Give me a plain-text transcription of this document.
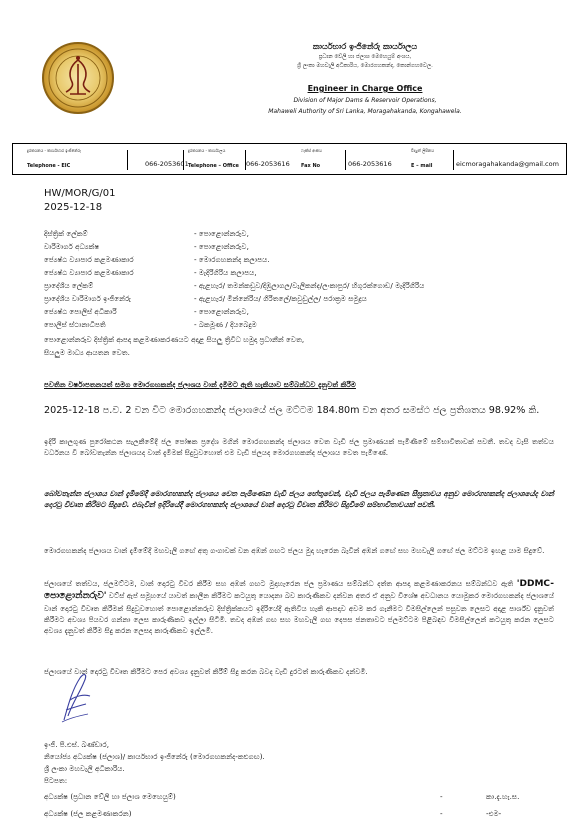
කාර්යභාර ඉංජිනේරු කාර්යාලය
ප්‍රධාන වේලි හා ජලාශ මෙහෙයුම් අංශය,
ශ්‍රී ලංකා මහවැලි අධිකාරිය, මොරගහකන්ද, කොන්ගහවෙල.
Engineer in Charge Office
Division of Major Dams & Reservoir Operations,
Mahaweli Authority of Sri Lanka, Moragahakanda, Kongahawela.
දුරකථනය - කාර්යභාර ඉංජිනේරු
Telephone - EIC	066-2053601
දුරකථනය - කාර්යාලය
Telephone – Office 066-2053616
ෆැක්ස් අංකය
Fax No	066-2053616
විද්‍යුත් ලිපිනය
E – mail	eicmoragahakanda@gmail.com
HW/MOR/G/01
2025-12-18
දිස්ත්‍රික් ලේකම්	- පොළොන්නරුව,
වාරිමාර්ග අධ්‍යක්ෂ	- පොළොන්නරුව,
ජ්‍යෙෂ්ඨ ව්‍යාපාර කළමණාකාර	- මොරගහකන්ද කලාපය.
ජ්‍යෙෂ්ඨ ව්‍යාපාර කළමණාකාර	- මැදිරිගිරිය කලාපය,
ප්‍රාදේශීය ලේකම්	- ඇළහැර/ තමන්කඩුව/දිඹුලාගල/වැලිකන්ද/ලංකාපුර/ හිගුරක්ගොඩ/ මැදිරිගිරිය
ප්‍රාදේශීය වාරිමාර්ග ඉංජිනේරු	- ඇළහැර/ මින්නේරිය/ ගිරිතලේ/කවුඩුල්ල/ පරාක්‍රම සමුද්‍රය
ජ්‍යෙෂ්ඨ පොලිස් අධිකාරි	- පොළොන්නරුව,
පොලිස් ස්ථානාධිපති	- බකමූණ / දියබෙදුම
පොළොන්නරුව දිස්ත්‍රික් ආපදා කළමණාකරණයට අදාළ සියලු ත්‍රිවිධ හමුදා ප්‍රධානීන් වෙත,
සියලුම මාධ්‍ය ආයතන වෙත.
පවතින වර්ෂාපතනයත් සමග මොරගහකන්ද ජලාශය වාන් දැමීමට ඇති හැකියාව සම්බන්ධව දැනුවත් කිරීම
2025-12-18 ප.ව. 2 වන විට මොරගහකන්ද ජලාශයේ ජල මට්ටම 184.80m වන අතර සමස්ථ ජල ප්‍රතිශතය 98.92% කි.
ඉදිරි කාලගුණ පුරෝකථන සැලකීමේදී ජල පෝෂක ප්‍රදේශ මගින් මොරගහකන්ද ජලාශය වෙත වැඩි ජල ප්‍රමාණයක් පැමිණීමේ සම්භාවිතාවක් පවතී. තවද වැසි තත්වය වර්ධනය වී බෝවතැන්න ජලාශයද වාන් දැමීමක් සිදුවුවහොත් එම වැඩි ජලයද මොරගහකන්ද ජලාශය වෙත පැමිණේ.
බෝවතැන්න ජලාශය වාන් දැමීමේදී මොරගහකන්ද ජලාශය වෙත පැමිණෙන වැඩි ජලය හේතුවෙන්, වැඩි ජලය පැමිණෙන සීඝ්‍රතාවය අනුව මොරගහකන්ද ජලාශයේද වාන් දොරටු විවෘත කිරීමට සිදුවේ. එබැවින් ඉදිරියේදී මොරගහකන්ද ජලාශයේ වාන් දොරටු විවෘත කිරීමට සිදුවීමේ සම්භාවිතාවයක් පවතී.
මොරගහකන්ද ජලාශය වාන් දැමීමේදී මහවැලි ගඟේ අතු ගංගාවක් වන අඹන් ගඟට ජලය මුදා හැරෙන බැවින් අඹන් ගඟේ සහ මහවැලි ගඟේ ජල මට්ටම ඉහළ යාම සිදුවේ.
ජලාශයේ තත්වය, ජලමට්ටම, වාන් දොරටු විවර කිරීම සහ අඹන් ගඟට මුදාහැරෙන ජල ප්‍රමාණය සම්බන්ධ දත්ත ආපදා කළමණාකරනය සම්බන්ධව ඇති 'DDMC-පොළොන්නරුව' වට්ස් ඇප් සමූහයේ යාවත් කාලීන කිරීමට කටයුතු යොදනා බව කාරුණිකව දන්වන අතර ඒ අනුව විශේෂ අවධානය යොමුකර මොරගහකන්ද ජලාශයේ වාන් දොරටු විවෘත කිරීමක් සිදුවුවහොත් පොළොන්නරුව දිස්ත්‍රික්කයට ඉදිරියේදී ඇතිවිය හැකි ආපදාව අවම කර ගැනීමට විමසිල්ලෙන් පසුවන ලෙසට අදාළ පාර්ශ්ව දැනුවත් කිරීමට අවශ්‍ය පියවර ගන්නා ලෙස කාරුණිකව ඉල්ලා සිටිමි. තවද අඹන් ගඟ සහ මහවැලි ගඟ දෙපස ජනතාවට ජලමට්ටම පිළිබඳව විමසිල්ලෙන් කටයුතු කරන ලෙසට අවශ්‍ය දැනුවත් කිරීම සිදු කරන ලෙසද කාරුණිකව ඉල්ලමි.
ජලාශයේ වාන් දොරටු විවෘත කිරීමට පෙර අවශ්‍ය දැනුවත් කිරීම් සිදු කරන බවද වැඩි දුරටත් කාරුණිකව දන්වමි.
ඉංජි. පී.එස්. බණ්ඩාර,
නියෝජ්‍ය අධ්‍යක්ෂ (ජලාශ)/ කාර්යභාර ඉංජිනේරු (මොරගහකන්ද-කළුගඟ).
ශ්‍රී ලංකා මහවැලි අධිකාරිය.
පිටපත:
අධ්‍යක්ෂ (ප්‍රධාන වේලි හා ජලාශ මෙහෙයුම්)	-	කා.දැ.හැ.ස.
අධ්‍යක්ෂ (ජල කළමණාකරන)	-	-එම-
